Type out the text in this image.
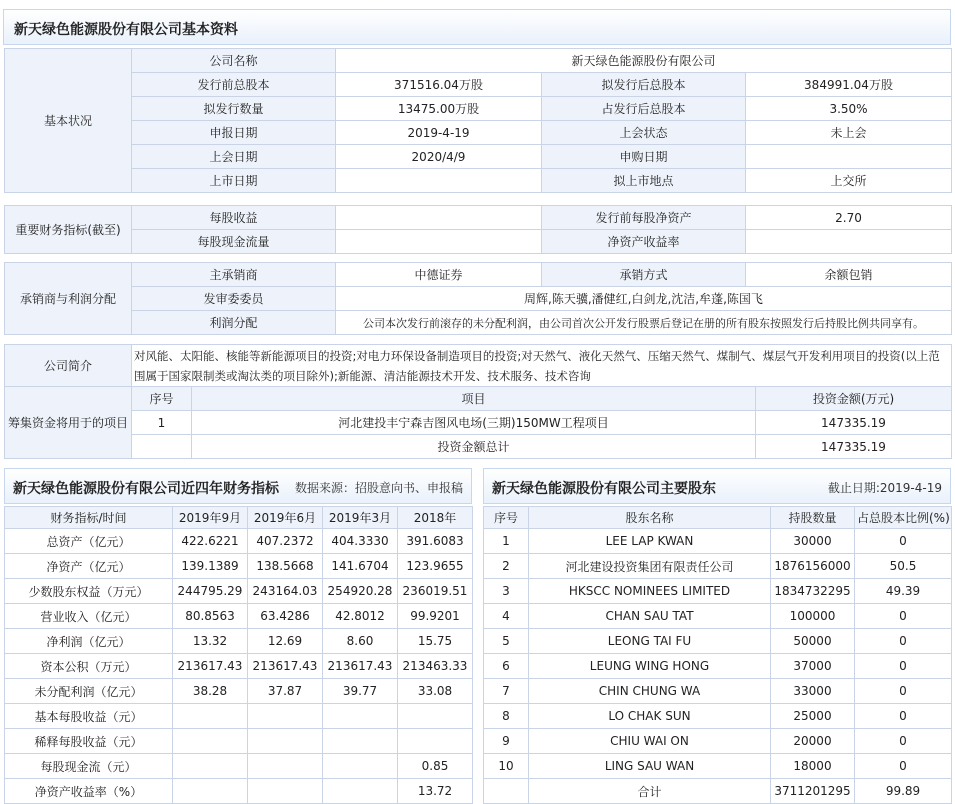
新天绿色能源股份有限公司基本资料
基本状况	公司名称	新天绿色能源股份有限公司		
	发行前总股本	371516.04万股	拟发行后总股本	384991.04万股
	拟发行数量	13475.00万股	占发行后总股本	3.50%
	申报日期	2019-4-19	上会状态	未上会
	上会日期	2020/4/9	申购日期	
	上市日期		拟上市地点	上交所
重要财务指标(截至)	每股收益		发行前每股净资产	2.70
	每股现金流量		净资产收益率	
承销商与利润分配	主承销商	中德证券	承销方式	余额包销
	发审委委员	周辉,陈天骥,潘健红,白剑龙,沈洁,牟蓬,陈国飞		
	利润分配	公司本次发行前滚存的未分配利润，由公司首次公开发行股票后登记在册的所有股东按照发行后持股比例共同享有。		
公司简介	对风能、太阳能、核能等新能源项目的投资;对电力环保设备制造项目的投资;对天然气、液化天然气、压缩天然气、煤制气、煤层气开发利用项目的投资(以上范围属于国家限制类或淘汰类的项目除外);新能源、清洁能源技术开发、技术服务、技术咨询		
筹集资金将用于的项目	序号	项目	投资金额(万元)
	1	河北建投丰宁森吉图风电场(三期)150MW工程项目	147335.19
		投资金额总计	147335.19
新天绿色能源股份有限公司近四年财务指标 数据来源：招股意向书、申报稿
财务指标/时间	2019年9月	2019年6月	2019年3月	2018年
总资产（亿元）	422.6221	407.2372	404.3330	391.6083
净资产（亿元）	139.1389	138.5668	141.6704	123.9655
少数股东权益（万元）	244795.29	243164.03	254920.28	236019.51
营业收入（亿元）	80.8563	63.4286	42.8012	99.9201
净利润（亿元）	13.32	12.69	8.60	15.75
资本公积（万元）	213617.43	213617.43	213617.43	213463.33
未分配利润（亿元）	38.28	37.87	39.77	33.08
基本每股收益（元）				
稀释每股收益（元）				
每股现金流（元）				0.85
净资产收益率（%）				13.72
新天绿色能源股份有限公司主要股东	截止日期:2019-4-19
序号	股东名称	持股数量	占总股本比例(%)
1	LEE LAP KWAN	30000	0
2	河北建设投资集团有限责任公司	1876156000	50.5
3	HKSCC NOMINEES LIMITED	1834732295	49.39
4	CHAN SAU TAT	100000	0
5	LEONG TAI FU	50000	0
6	LEUNG WING HONG	37000	0
7	CHIN CHUNG WA	33000	0
8	LO CHAK SUN	25000	0
9	CHIU WAI ON	20000	0
10	LING SAU WAN	18000	0
	合计	3711201295	99.89
